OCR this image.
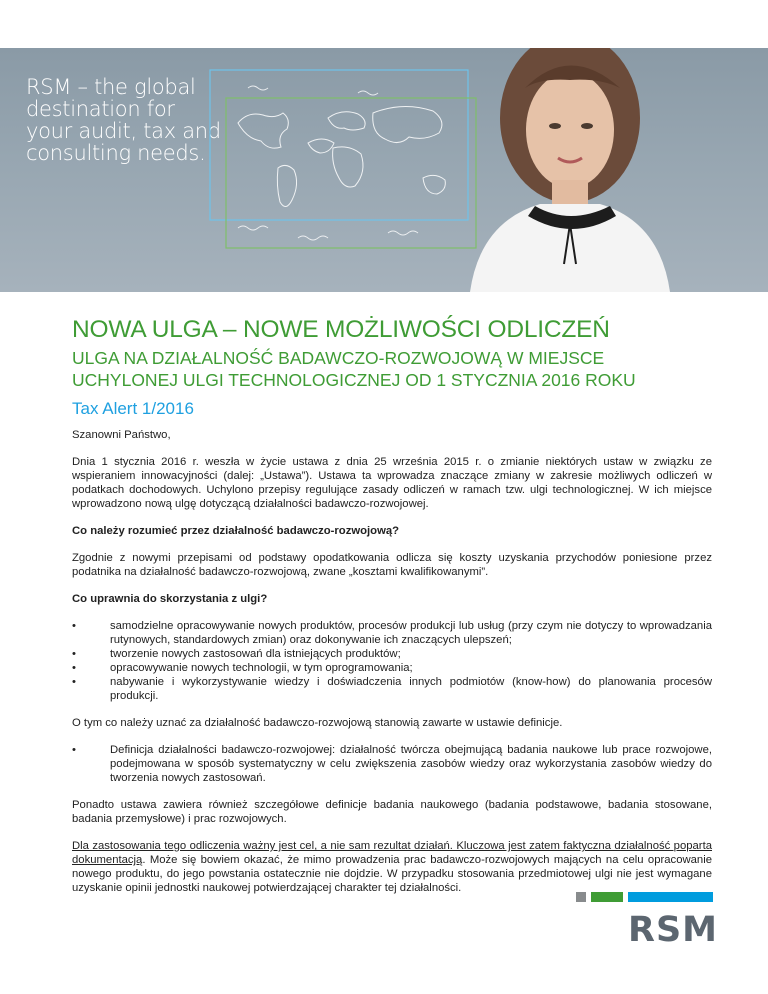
RSM – the global
destination for
your audit, tax and
consulting needs.
NOWA ULGA – NOWE MOŻLIWOŚCI ODLICZEŃ
ULGA NA DZIAŁALNOŚĆ BADAWCZO-ROZWOJOWĄ W MIEJSCE
UCHYLONEJ ULGI TECHNOLOGICZNEJ OD 1 STYCZNIA 2016 ROKU
Tax Alert 1/2016

Szanowni Państwo,

Dnia 1 stycznia 2016 r. weszła w życie ustawa z dnia 25 września 2015 r. o zmianie niektórych ustaw w związku ze wspieraniem innowacyjności (dalej: „Ustawa”). Ustawa ta wprowadza znaczące zmiany w zakresie możliwych odliczeń w podatkach dochodowych. Uchylono przepisy regulujące zasady odliczeń w ramach tzw. ulgi technologicznej. W ich miejsce wprowadzono nową ulgę dotyczącą działalności badawczo-rozwojowej.

Co należy rozumieć przez działalność badawczo-rozwojową?

Zgodnie z nowymi przepisami od podstawy opodatkowania odlicza się koszty uzyskania przychodów poniesione przez podatnika na działalność badawczo-rozwojową, zwane „kosztami kwalifikowanymi”.

Co uprawnia do skorzystania z ulgi?

•	samodzielne opracowywanie nowych produktów, procesów produkcji lub usług (przy czym nie dotyczy to wprowadzania rutynowych, standardowych zmian) oraz dokonywanie ich znaczących ulepszeń;
•	tworzenie nowych zastosowań dla istniejących produktów;
•	opracowywanie nowych technologii, w tym oprogramowania;
•	nabywanie i wykorzystywanie wiedzy i doświadczenia innych podmiotów (know-how) do planowania procesów produkcji.

O tym co należy uznać za działalność badawczo-rozwojową stanowią zawarte w ustawie definicje.

•	Definicja działalności badawczo-rozwojowej: działalność twórcza obejmującą badania naukowe lub prace rozwojowe, podejmowana w sposób systematyczny w celu zwiększenia zasobów wiedzy oraz wykorzystania zasobów wiedzy do tworzenia nowych zastosowań.

Ponadto ustawa zawiera również szczegółowe definicje badania naukowego (badania podstawowe, badania stosowane, badania przemysłowe) i prac rozwojowych.

Dla zastosowania tego odliczenia ważny jest cel, a nie sam rezultat działań. Kluczowa jest zatem faktyczna działalność poparta dokumentacją. Może się bowiem okazać, że mimo prowadzenia prac badawczo-rozwojowych mających na celu opracowanie nowego produktu, do jego powstania ostatecznie nie dojdzie. W przypadku stosowania przedmiotowej ulgi nie jest wymagane uzyskanie opinii jednostki naukowej potwierdzającej charakter tej działalności.

RSM
